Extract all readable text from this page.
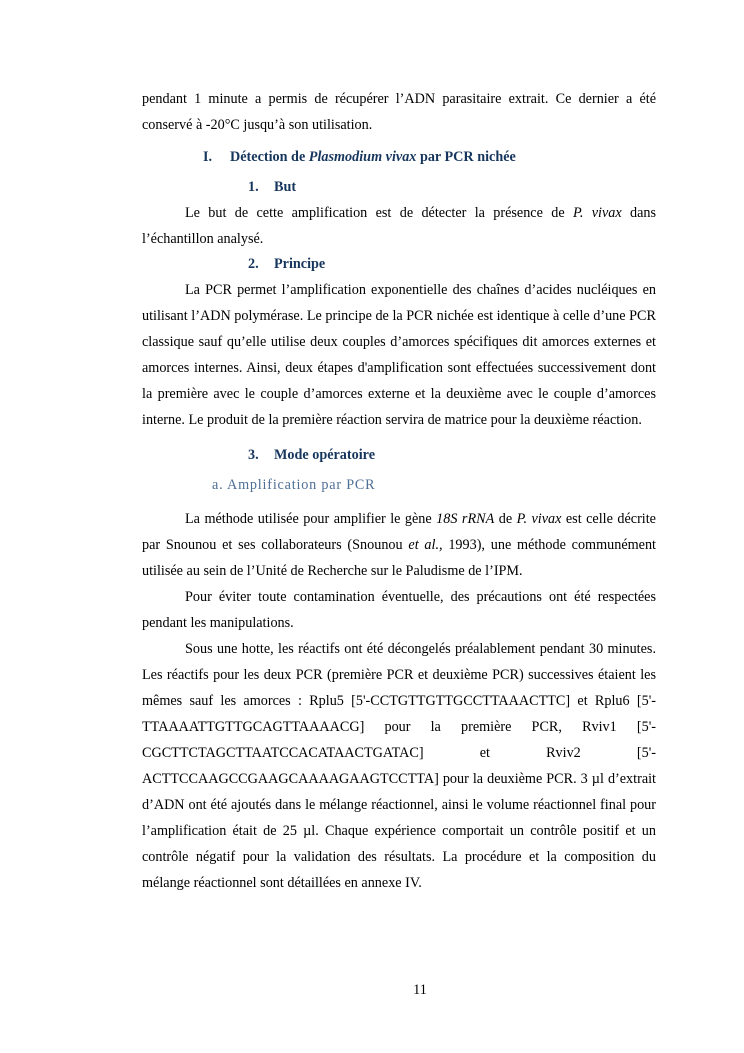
pendant 1 minute a permis de récupérer l’ADN parasitaire extrait. Ce dernier a été conservé à -20°C jusqu’à son utilisation.

I. Détection de Plasmodium vivax par PCR nichée
1. But

Le but de cette amplification est de détecter la présence de P. vivax dans l’échantillon analysé.

2. Principe

La PCR permet l’amplification exponentielle des chaînes d’acides nucléiques en utilisant l’ADN polymérase. Le principe de la PCR nichée est identique à celle d’une PCR classique sauf qu’elle utilise deux couples d’amorces spécifiques dit amorces externes et amorces internes. Ainsi, deux étapes d'amplification sont effectuées successivement dont la première avec le couple d’amorces externe et la deuxième avec le couple d’amorces interne. Le produit de la première réaction servira de matrice pour la deuxième réaction.

3. Mode opératoire
a. Amplification par PCR

La méthode utilisée pour amplifier le gène 18S rRNA de P. vivax est celle décrite par Snounou et ses collaborateurs (Snounou et al., 1993), une méthode communément utilisée au sein de l’Unité de Recherche sur le Paludisme de l’IPM.

Pour éviter toute contamination éventuelle, des précautions ont été respectées pendant les manipulations.

Sous une hotte, les réactifs ont été décongelés préalablement pendant 30 minutes. Les réactifs pour les deux PCR (première PCR et deuxième PCR) successives étaient les mêmes sauf les amorces : Rplu5 [5'-CCTGTTGTTGCCTTAAACTTC] et Rplu6 [5'-TTAAAATTGTTGCAGTTAAAACG] pour la première PCR, Rviv1 [5'- CGCTTCTAGCTTAATCCACATAACTGATAC] et Rviv2 [5'- ACTTCCAAGCCGAAGCAAAAGAAGTCCTTA] pour la deuxième PCR. 3 µl d’extrait d’ADN ont été ajoutés dans le mélange réactionnel, ainsi le volume réactionnel final pour l’amplification était de 25 µl. Chaque expérience comportait un contrôle positif et un contrôle négatif pour la validation des résultats. La procédure et la composition du mélange réactionnel sont détaillées en annexe IV.

11
